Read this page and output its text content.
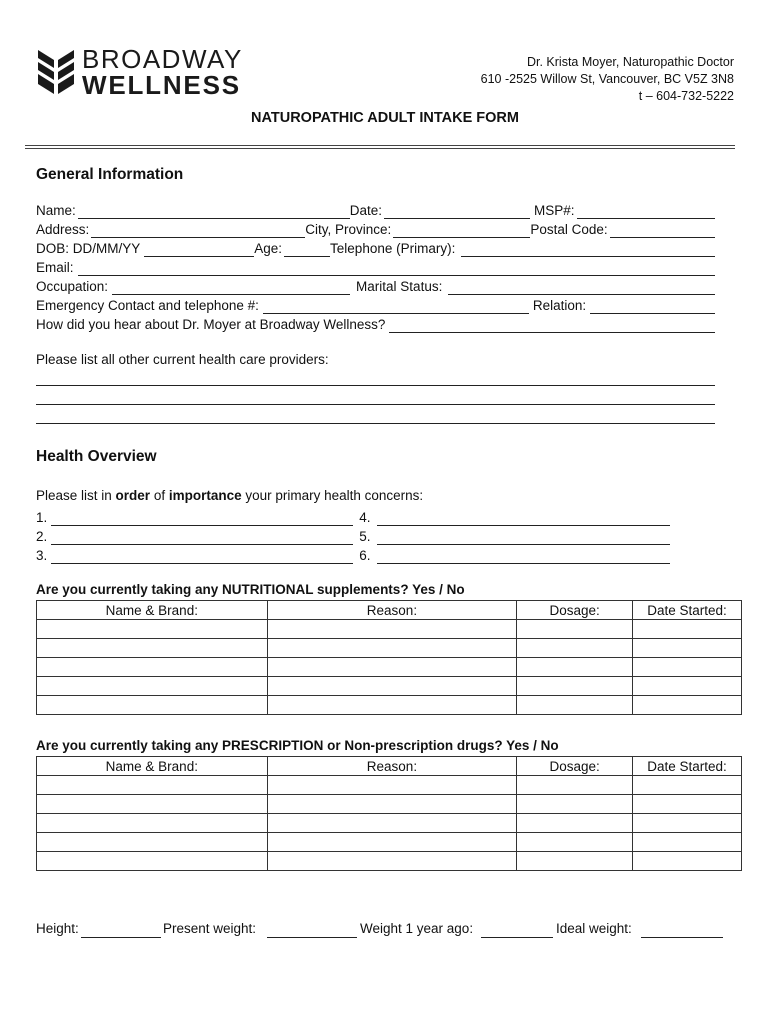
BROADWAY
WELLNESS
Dr. Krista Moyer, Naturopathic Doctor
610 -2525 Willow St, Vancouver, BC V5Z 3N8
t – 604-732-5222
NATUROPATHIC ADULT INTAKE FORM
General Information
Name:	Date:	MSP#:
Address:	City, Province:	Postal Code:
DOB: DD/MM/YY	Age:	Telephone (Primary):
Email:
Occupation:	Marital Status:
Emergency Contact and telephone #:	Relation:
How did you hear about Dr. Moyer at Broadway Wellness?
Please list all other current health care providers:
Health Overview
Please list in order of importance your primary health concerns:
1.	4.
2.	5.
3.	6.
Are you currently taking any NUTRITIONAL supplements? Yes / No
Name & Brand:	Reason:	Dosage:	Date Started:

Are you currently taking any PRESCRIPTION or Non-prescription drugs? Yes / No
Name & Brand:	Reason:	Dosage:	Date Started:

Height:	Present weight:	Weight 1 year ago:	Ideal weight:
